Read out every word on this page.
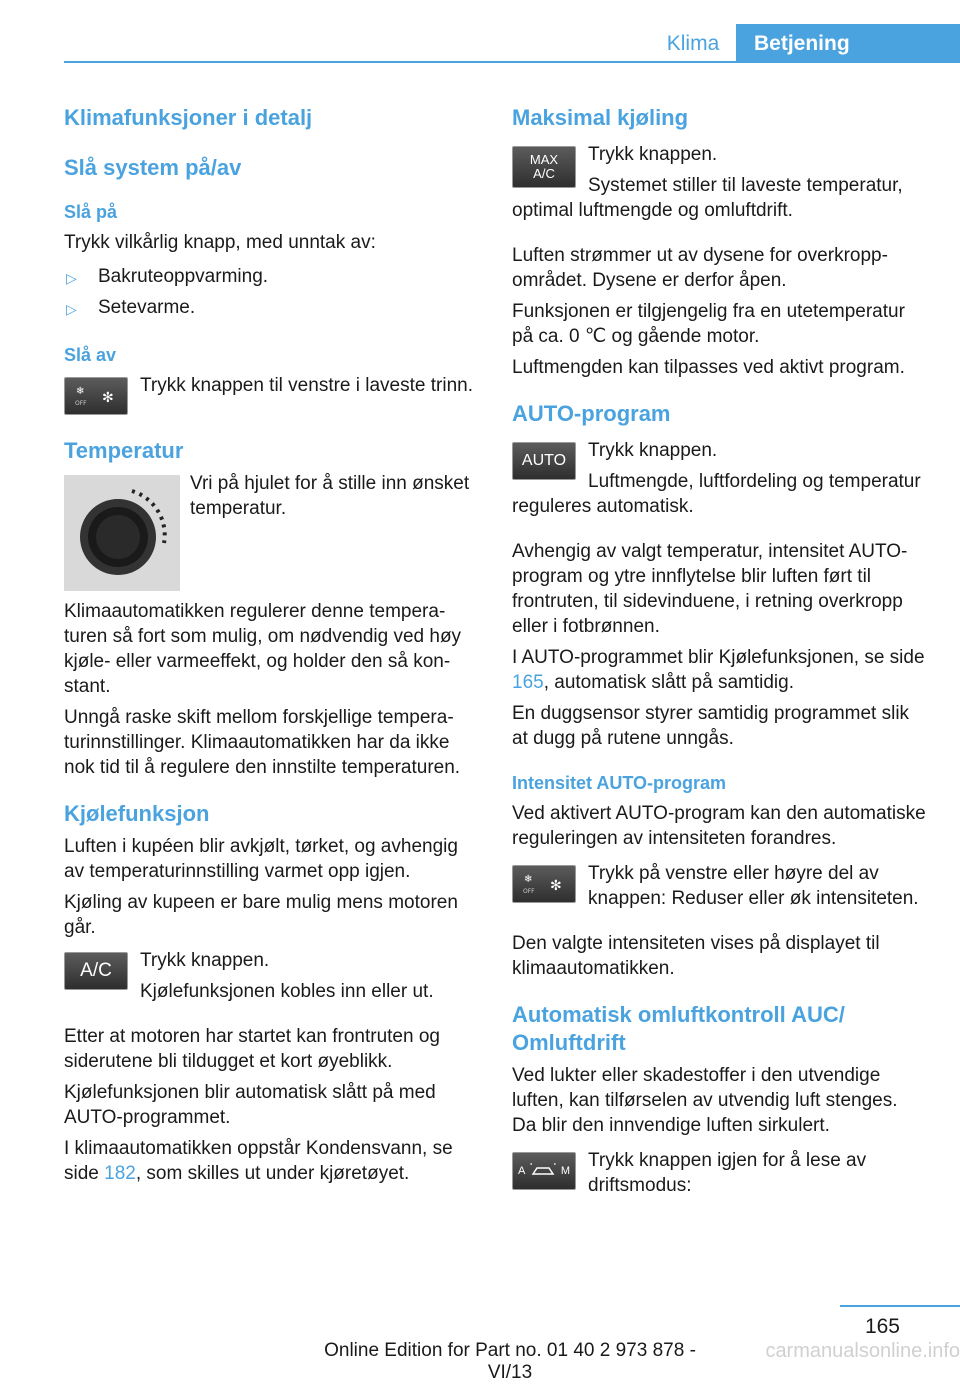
Klima	Betjening
Klimafunksjoner i detalj
Slå system på/av
Slå på

Trykk vilkårlig knapp, med unntak av:

▷ Bakruteoppvarming.
▷ Setevarme.
Slå av
❄
OFF ✻

Trykk knappen til venstre i laveste trinn.

Temperatur

Vri på hjulet for å stille inn ønsket temperatur.

Klimaautomatikken regulerer denne temperaturen så fort som mulig, om nødvendig ved høy kjøle- eller varmeeffekt, og holder den så konstant.

Unngå raske skift mellom forskjellige temperaturinnstillinger. Klimaautomatikken har da ikke nok tid til å regulere den innstilte temperaturen.

Kjølefunksjon

Luften i kupéen blir avkjølt, tørket, og avhengig av temperaturinnstilling varmet opp igjen.

Kjøling av kupeen er bare mulig mens motoren går.

A/C	Trykk knappen.

Kjølefunksjonen kobles inn eller ut.

Etter at motoren har startet kan frontruten og siderutene bli tildugget et kort øyeblikk.

Kjølefunksjonen blir automatisk slått på med AUTO-programmet.

I klimaautomatikken oppstår Kondensvann, se side 182, som skilles ut under kjøretøyet.

Maksimal kjøling
MAX
A/C

Trykk knappen.

Systemet stiller til laveste temperatur, optimal luftmengde og omluftdrift.

Luften strømmer ut av dysene for overkroppområdet. Dysene er derfor åpen.

Funksjonen er tilgjengelig fra en utetemperatur på ca. 0 ℃ og gående motor.

Luftmengden kan tilpasses ved aktivt program.

AUTO-program
AUTO	Trykk knappen.

Luftmengde, luftfordeling og temperatur reguleres automatisk.

Avhengig av valgt temperatur, intensitet AUTO-program og ytre innflytelse blir luften ført til frontruten, til sidevinduene, i retning overkropp eller i fotbrønnen.

I AUTO-programmet blir Kjølefunksjonen, se side 165, automatisk slått på samtidig.

En duggsensor styrer samtidig programmet slik at dugg på rutene unngås.

Intensitet AUTO-program

Ved aktivert AUTO-program kan den automatiske reguleringen av intensiteten forandres.

❄
OFF ✻

Trykk på venstre eller høyre del av knappen: Reduser eller øk intensiteten.

Den valgte intensiteten vises på displayet til klimaautomatikken.

Automatisk omluftkontroll AUC/ Omluftdrift

Ved lukter eller skadestoffer i den utvendige luften, kan tilførselen av utvendig luft stenges. Da blir den innvendige luften sirkulert.

A	M Trykk knappen igjen for å lese av driftsmodus:

165
Online Edition for Part no. 01 40 2 973 878 - VI/13
carmanualsonline.info
